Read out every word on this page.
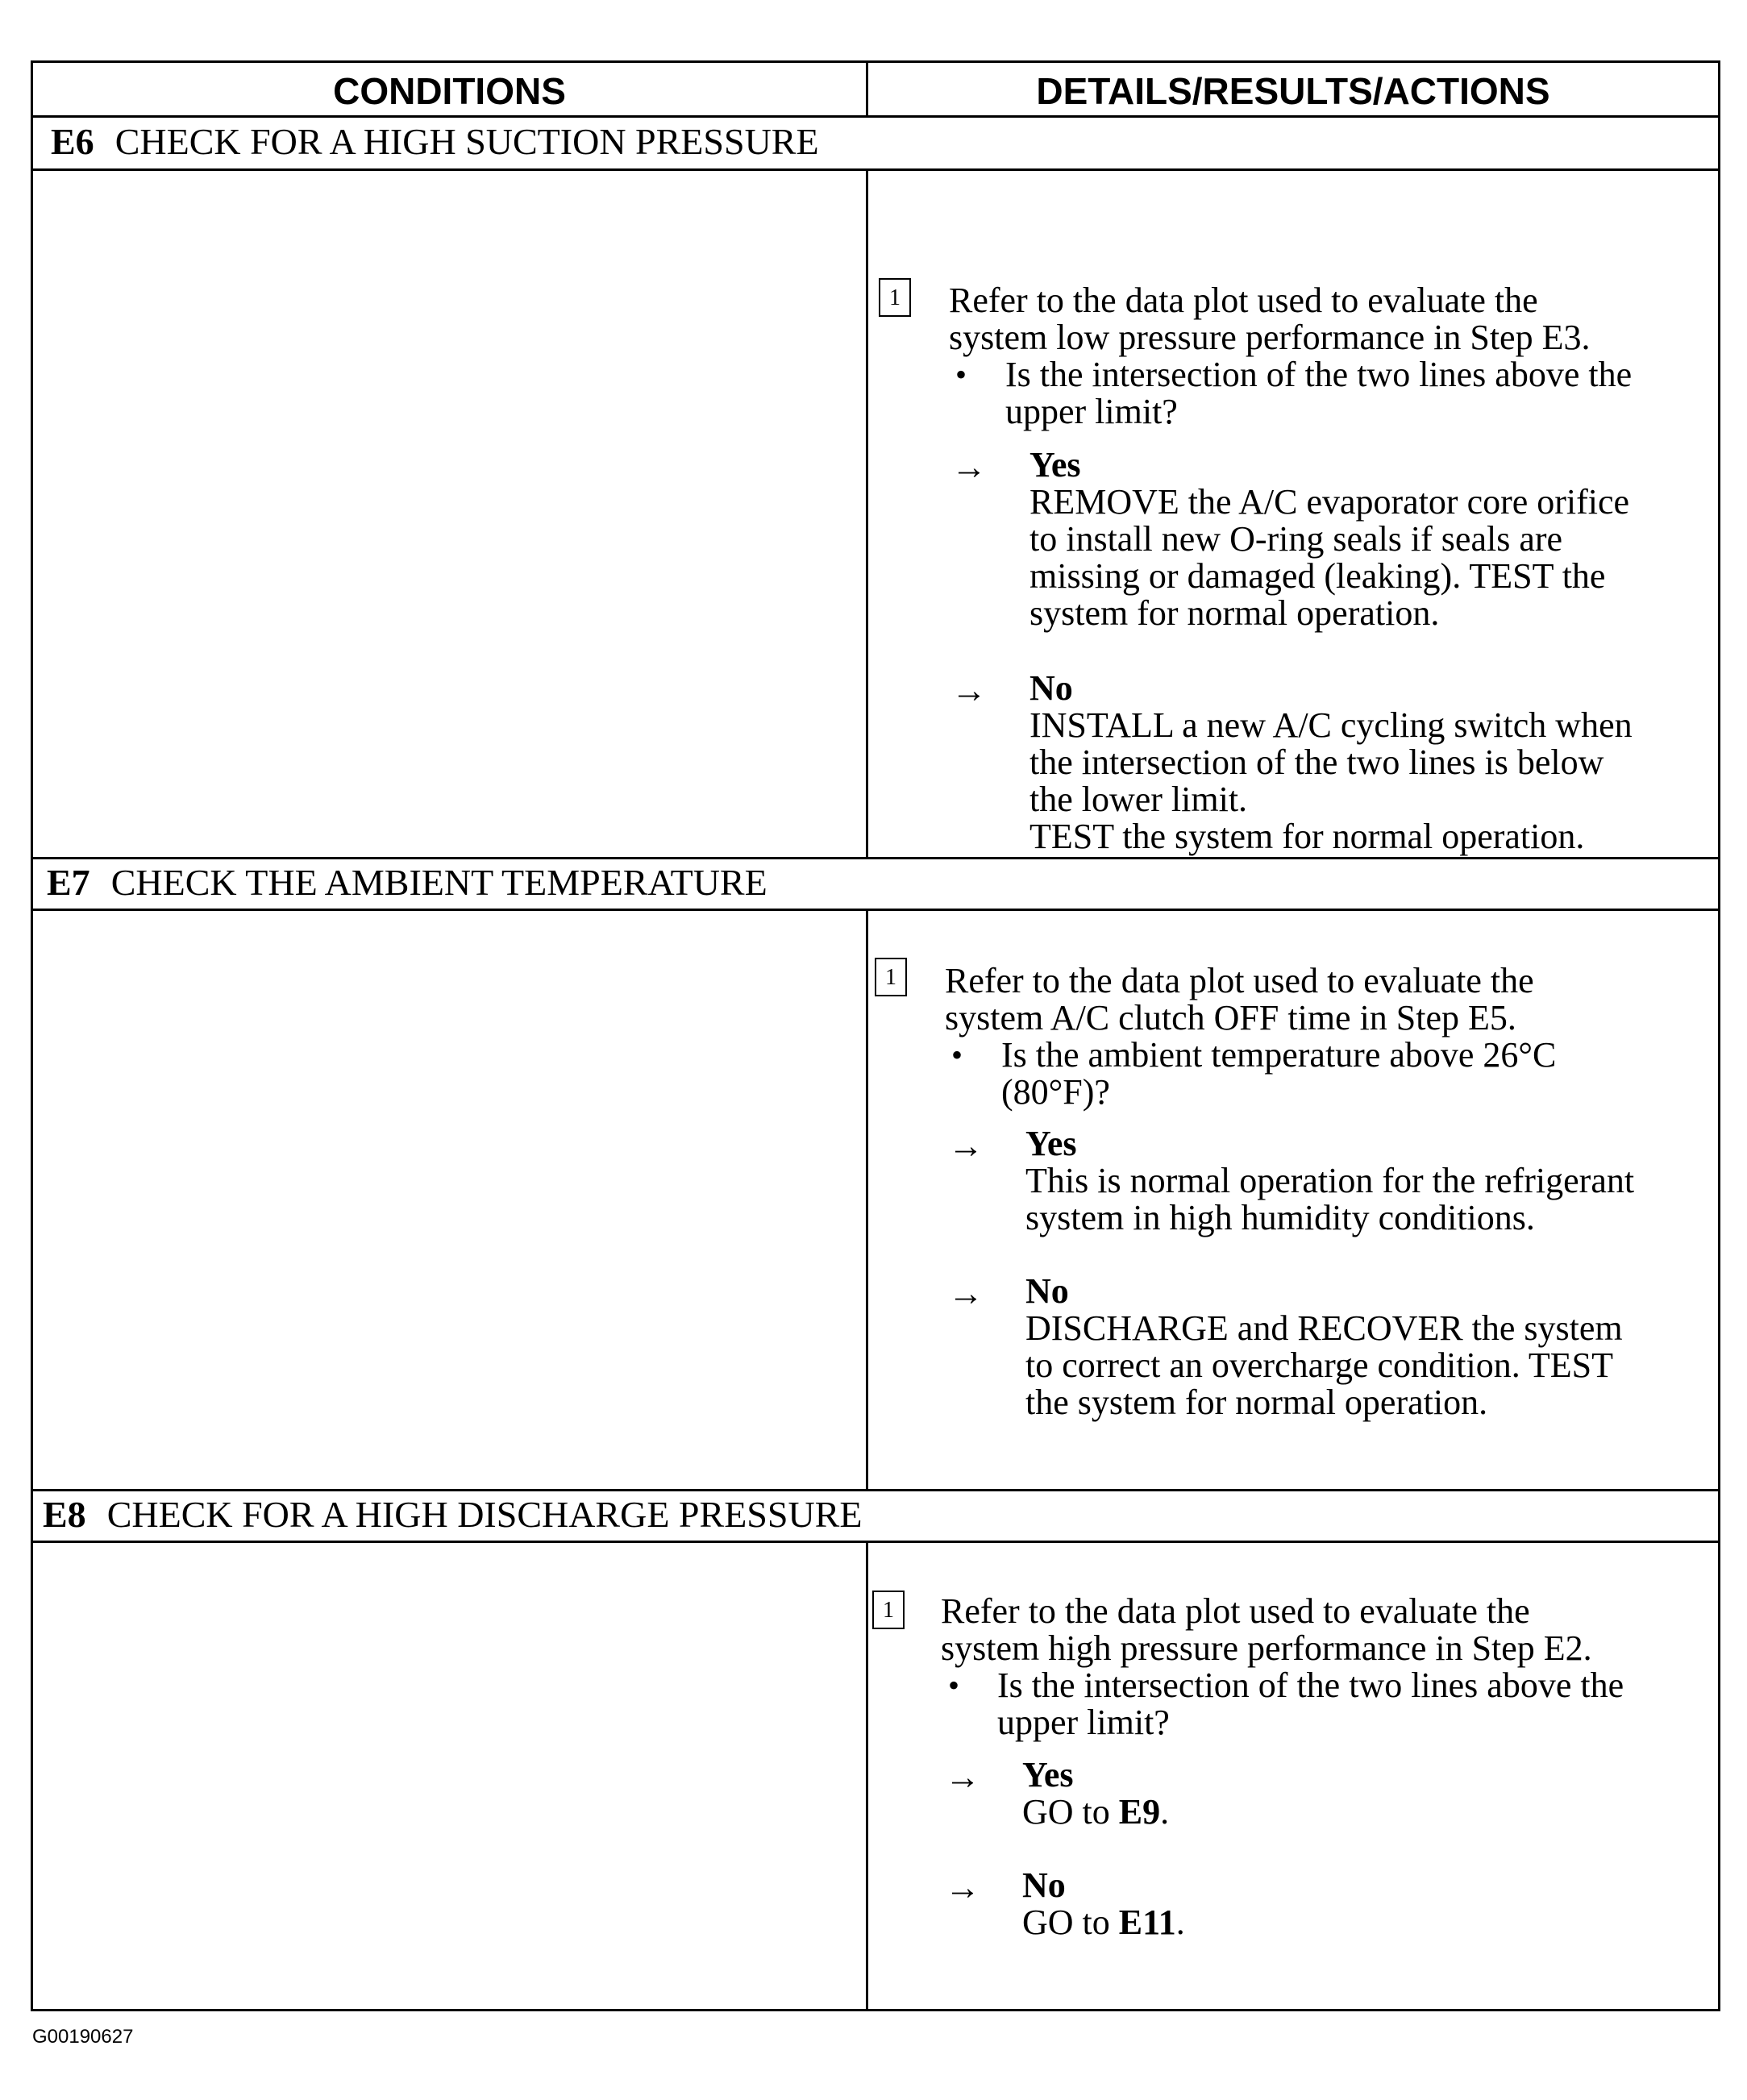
CONDITIONS	DETAILS/RESULTS/ACTIONS
E6 CHECK FOR A HIGH SUCTION PRESSURE
1 Refer to the data plot used to evaluate the
system low pressure performance in Step E3.
• Is the intersection of the two lines above the
upper limit?
→ Yes
REMOVE the A/C evaporator core orifice
to install new O-ring seals if seals are
missing or damaged (leaking). TEST the
system for normal operation.
→ No
INSTALL a new A/C cycling switch when
the intersection of the two lines is below
the lower limit.
TEST the system for normal operation.
E7 CHECK THE AMBIENT TEMPERATURE
1 Refer to the data plot used to evaluate the
system A/C clutch OFF time in Step E5.
• Is the ambient temperature above 26°C
(80°F)?
→ Yes
This is normal operation for the refrigerant
system in high humidity conditions.
→ No
DISCHARGE and RECOVER the system
to correct an overcharge condition. TEST
the system for normal operation.
E8 CHECK FOR A HIGH DISCHARGE PRESSURE
1 Refer to the data plot used to evaluate the
system high pressure performance in Step E2.
• Is the intersection of the two lines above the
upper limit?
→ Yes
GO to E9.
→ No
GO to E11.
G00190627
